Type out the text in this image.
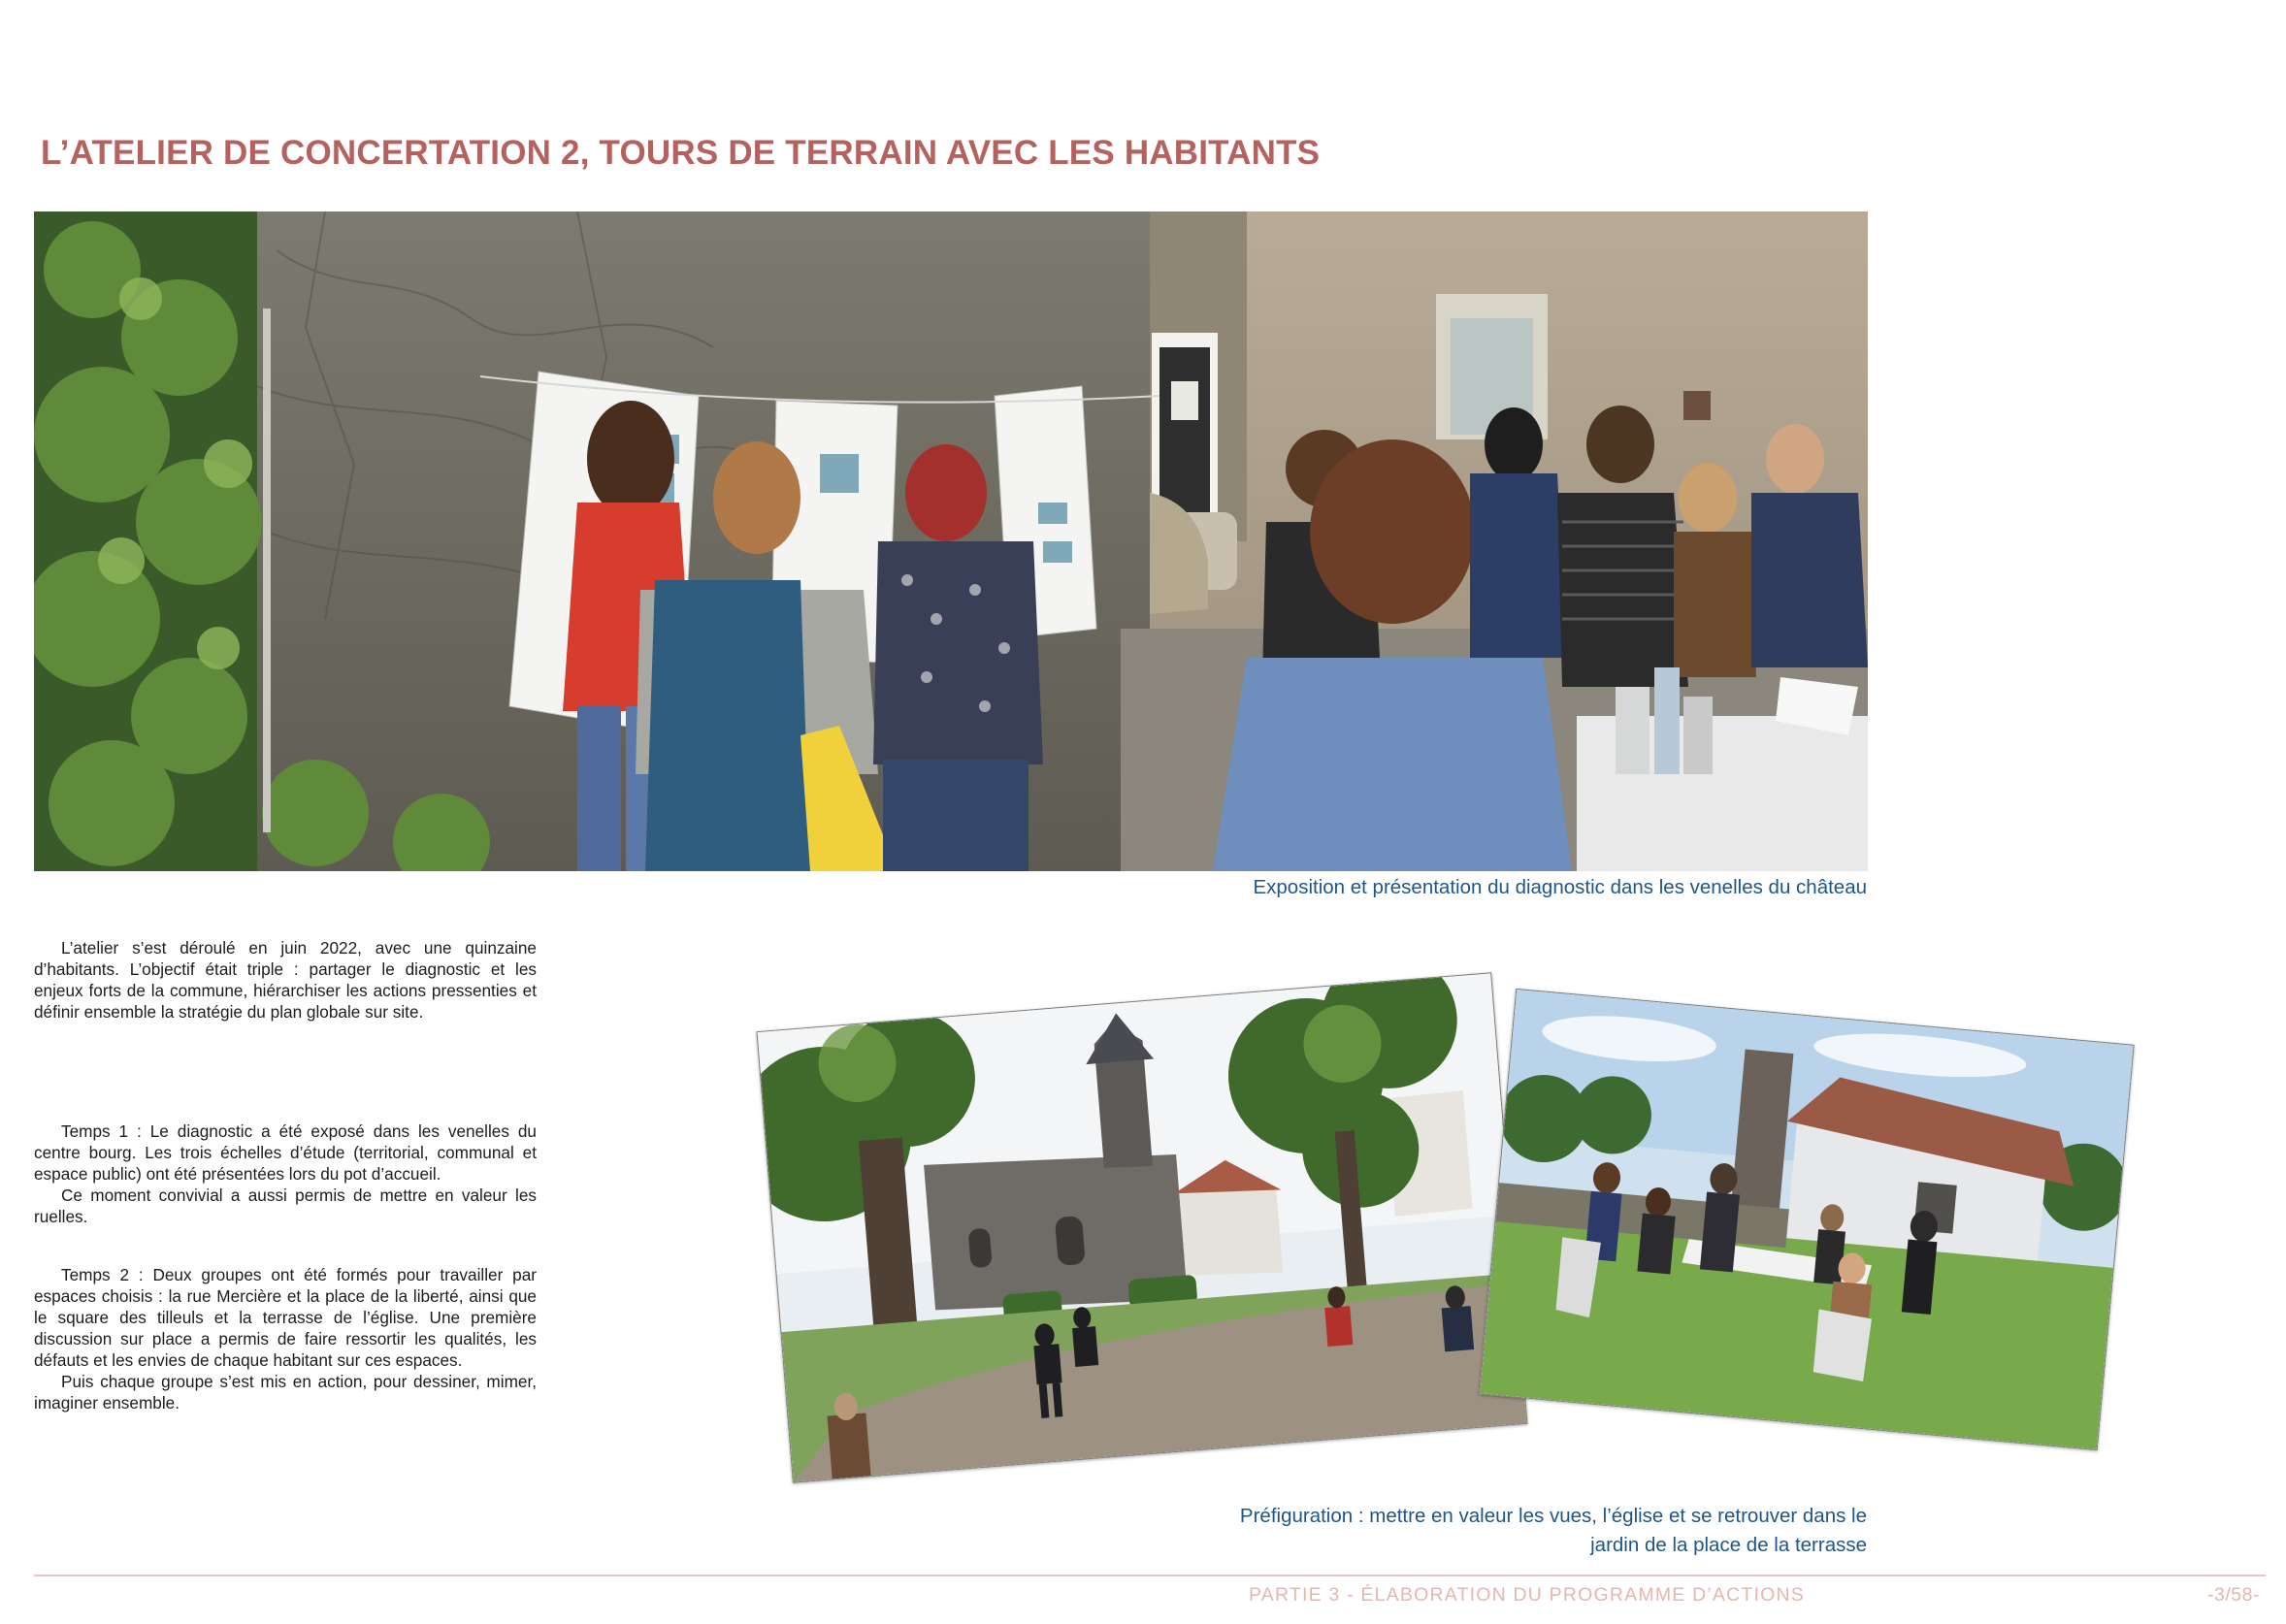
L’ATELIER DE CONCERTATION 2, TOURS DE TERRAIN AVEC LES HABITANTS
Exposition et présentation du diagnostic dans les venelles du château

L’atelier s’est déroulé en juin 2022, avec une quinzaine d’habitants. L’objectif était triple : partager le diagnostic et les enjeux forts de la commune, hiérarchiser les actions pressenties et définir ensemble la stratégie du plan globale sur site.

Temps 1 : Le diagnostic a été exposé dans les venelles du centre bourg. Les trois échelles d’étude (territorial, communal et espace public) ont été présentées lors du pot d’accueil.

Ce moment convivial a aussi permis de mettre en valeur les ruelles.

Temps 2 : Deux groupes ont été formés pour travailler par espaces choisis : la rue Mercière et la place de la liberté, ainsi que le square des tilleuls et la terrasse de l’église. Une première discussion sur place a permis de faire ressortir les qualités, les défauts et les envies de chaque habitant sur ces espaces.

Puis chaque groupe s’est mis en action, pour dessiner, mimer, imaginer ensemble.

Préfiguration : mettre en valeur les vues, l’église et se retrouver dans le jardin de la place de la terrasse
PARTIE 3 - ÉLABORATION DU PROGRAMME D’ACTIONS	-3/58-
